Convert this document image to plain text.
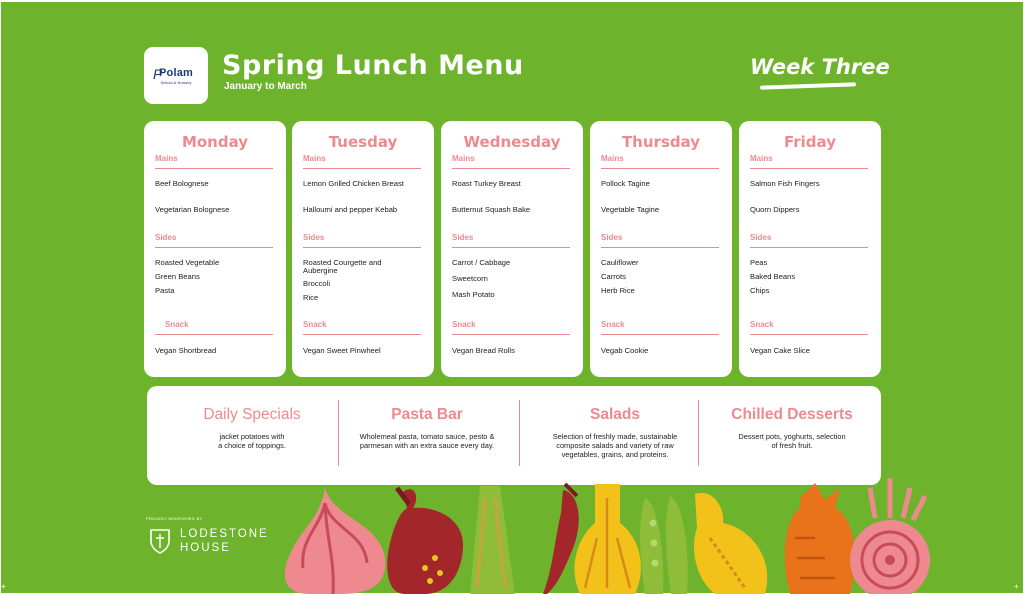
P
Polam
School & Nursery
Spring Lunch Menu
January to March
Week Three
Monday
Mains
Beef Bolognese
Vegetarian Bolognese
Sides
Roasted Vegetable
Green Beans
Pasta
Snack
Vegan Shortbread
Tuesday
Mains
Lemon Grilled Chicken Breast
Halloumi and pepper Kebab
Sides
Roasted Courgette and Aubergine
Broccoli
Rice
Snack
Vegan Sweet Pinwheel
Wednesday
Mains
Roast Turkey Breast
Butternut Squash Bake
Sides
Carrot / Cabbage
Sweetcorn
Mash Potato
Snack
Vegan Bread Rolls
Thursday
Mains
Pollock Tagine
Vegetable Tagine
Sides
Cauliflower
Carrots
Herb Rice
Snack
Vegab Cookie
Friday
Mains
Salmon Fish Fingers
Quorn Dippers
Sides
Peas
Baked Beans
Chips
Snack
Vegan Cake Slice
Daily Specials
jacket potatoes with
a choice of toppings.
Pasta Bar
Wholemeal pasta, tomato sauce, pesto &
parmesan with an extra sauce every day.
Salads
Selection of freshly made, sustainable
composite salads and variety of raw
vegetables, grains, and proteins.
Chilled Desserts
Dessert pots, yoghurts, selection
of fresh fruit.
PROUDLY NOURISHED BY
LODESTONE
HOUSE
+	+
